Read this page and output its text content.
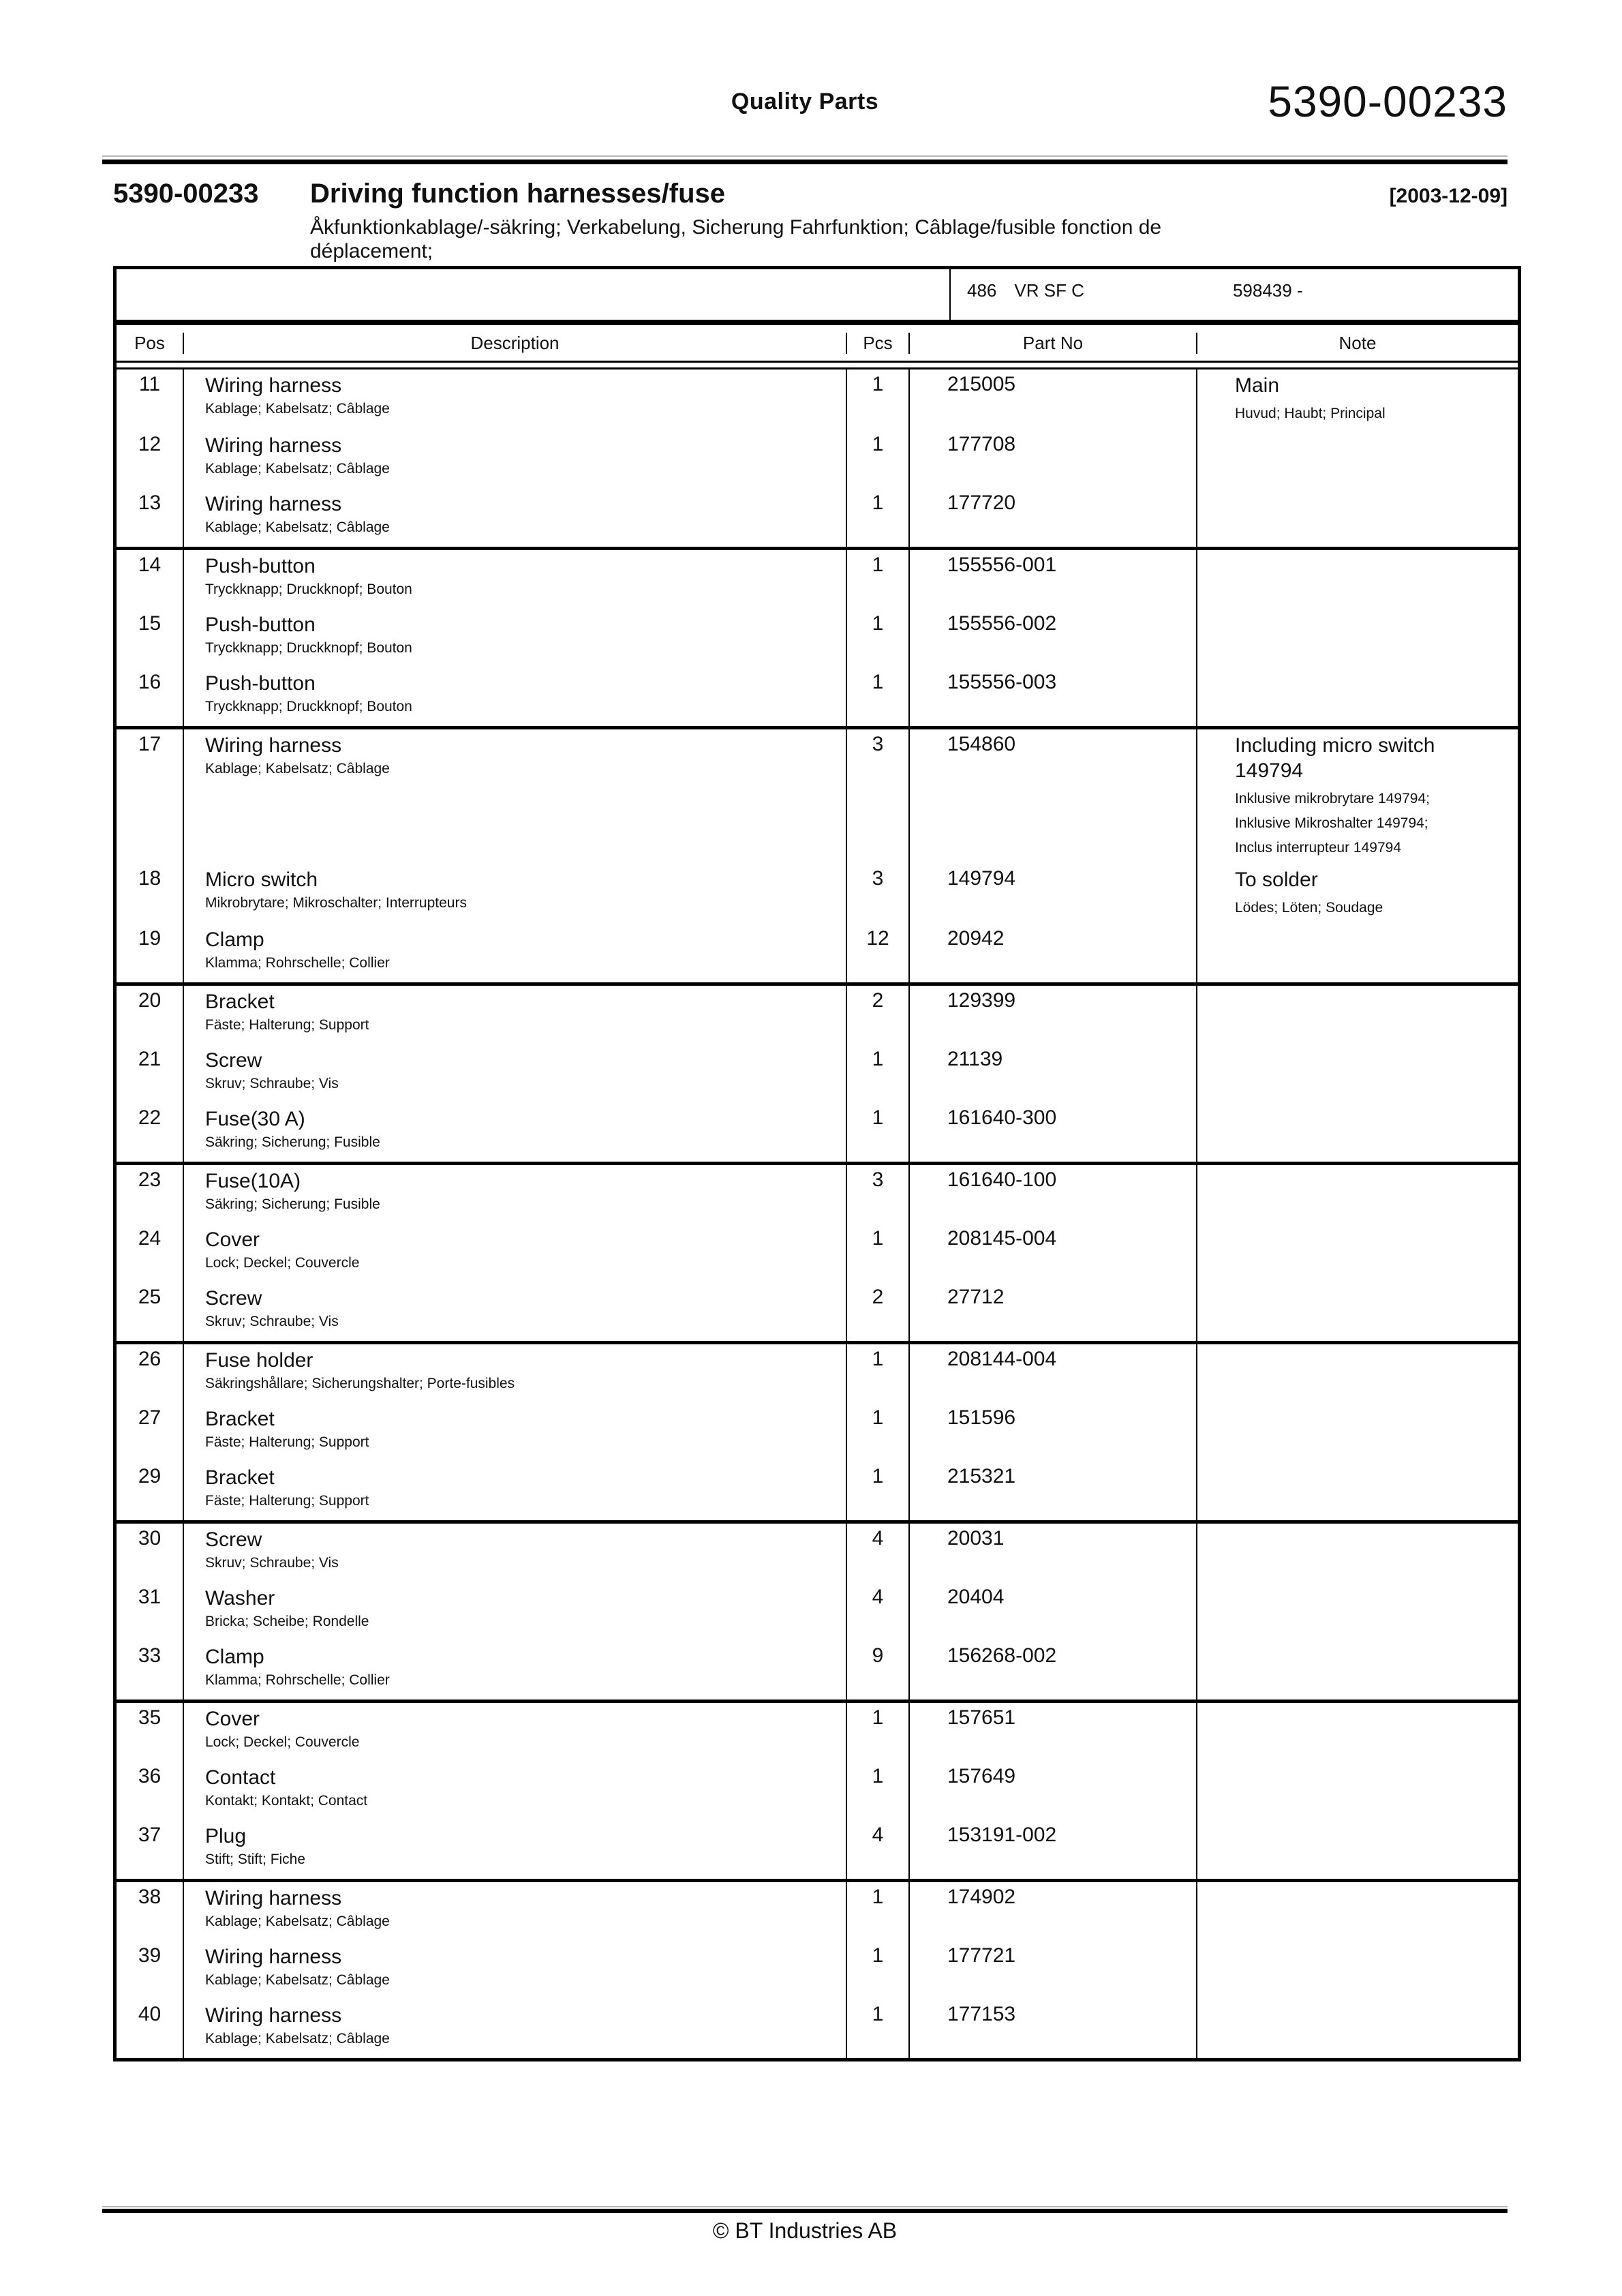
Quality Parts	5390-00233
5390-00233	Driving function harnesses/fuse	[2003-12-09]
Åkfunktionkablage/-säkring; Verkabelung, Sicherung Fahrfunktion; Câblage/fusible fonction de
déplacement;
486 VR SF C	598439 -
Pos	Description	Pcs	Part No	Note
11	Wiring harness
Kablage; Kabelsatz; Câblage
1	215005	Main
Huvud; Haubt; Principal
12	Wiring harness
Kablage; Kabelsatz; Câblage
1	177708
13	Wiring harness
Kablage; Kabelsatz; Câblage
1	177720
14	Push-button
Tryckknapp; Druckknopf; Bouton
1	155556-001
15	Push-button
Tryckknapp; Druckknopf; Bouton
1	155556-002
16	Push-button
Tryckknapp; Druckknopf; Bouton
1	155556-003
17	Wiring harness
Kablage; Kabelsatz; Câblage
3	154860	Including micro switch 149794
Inklusive mikrobrytare 149794;
Inklusive Mikroshalter 149794;
Inclus interrupteur 149794
18	Micro switch
Mikrobrytare; Mikroschalter; Interrupteurs
3	149794	To solder
Lödes; Löten; Soudage
19	Clamp
Klamma; Rohrschelle; Collier
12	20942
20	Bracket
Fäste; Halterung; Support
2	129399
21	Screw
Skruv; Schraube; Vis
1	21139
22	Fuse(30 A)
Säkring; Sicherung; Fusible
1	161640-300
23	Fuse(10A)
Säkring; Sicherung; Fusible
3	161640-100
24	Cover
Lock; Deckel; Couvercle
1	208145-004
25	Screw
Skruv; Schraube; Vis
2	27712
26	Fuse holder
Säkringshållare; Sicherungshalter; Porte-fusibles
1	208144-004
27	Bracket
Fäste; Halterung; Support
1	151596
29	Bracket
Fäste; Halterung; Support
1	215321
30	Screw
Skruv; Schraube; Vis
4	20031
31	Washer
Bricka; Scheibe; Rondelle
4	20404
33	Clamp
Klamma; Rohrschelle; Collier
9	156268-002
35	Cover
Lock; Deckel; Couvercle
1	157651
36	Contact
Kontakt; Kontakt; Contact
1	157649
37	Plug
Stift; Stift; Fiche
4	153191-002
38	Wiring harness
Kablage; Kabelsatz; Câblage
1	174902
39	Wiring harness
Kablage; Kabelsatz; Câblage
1	177721
40	Wiring harness
Kablage; Kabelsatz; Câblage
1	177153
© BT Industries AB
